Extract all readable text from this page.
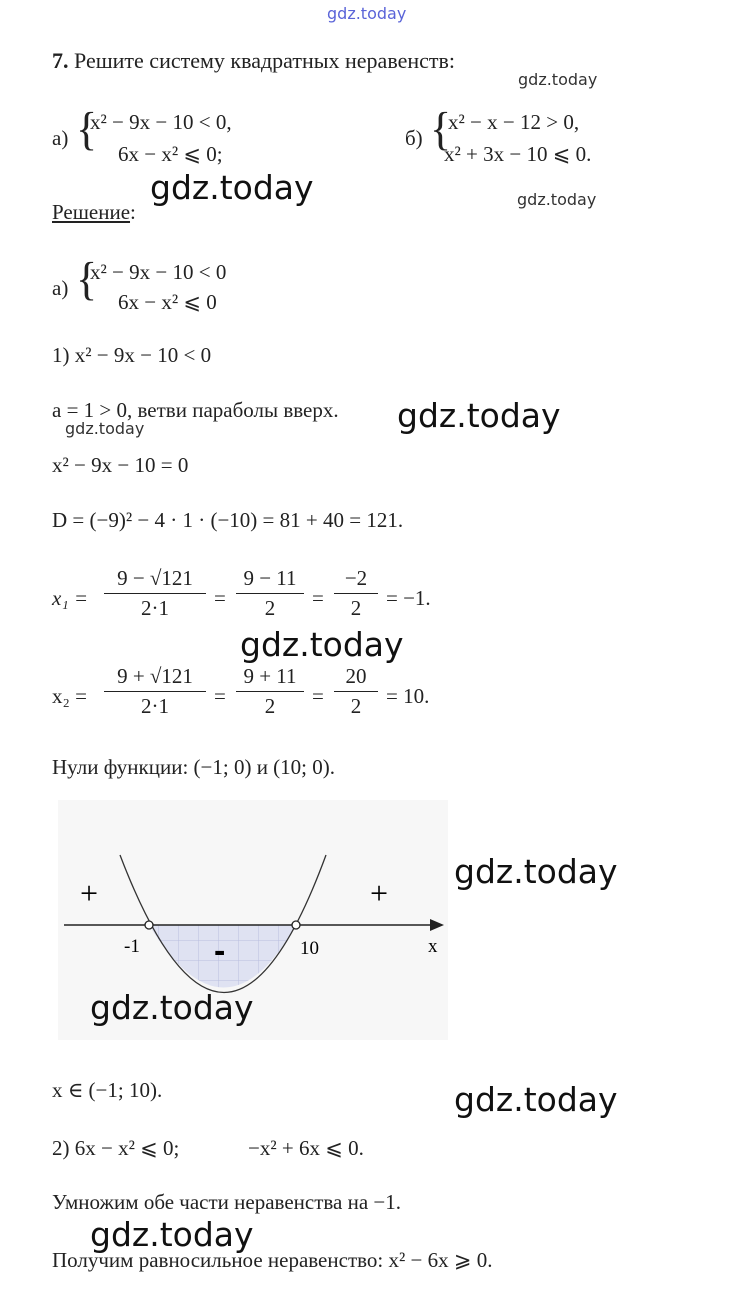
gdz.today
7. Решите систему квадратных неравенств:
gdz.today
а) {
x² − 9x − 10 < 0,
6x − x² ⩽ 0;
б) {
x² − x − 12 > 0,
x² + 3x − 10 ⩽ 0.
gdz.today	gdz.today
Решение:
а) {
x² − 9x − 10 < 0
6x − x² ⩽ 0
1) x² − 9x − 10 < 0
a = 1 > 0, ветви параболы вверх.
gdz.today	gdz.today
x² − 9x − 10 = 0
D = (−9)² − 4 · 1 · (−10) = 81 + 40 = 121.
x₁ =
9 − √121
2·1	=
9 − 11
2	=
−2
2	= −1.
gdz.today
x₂ =
9 + √121
2·1	=
9 + 11
2	=
20
2	= 10.
Нули функции: (−1; 0) и (10; 0).
+	+
-
-1	10	x
gdz.today
gdz.today
x ∈ (−1; 10).	gdz.today
2) 6x − x² ⩽ 0;	−x² + 6x ⩽ 0.
Умножим обе части неравенства на −1.
gdz.today
Получим равносильное неравенство: x² − 6x ⩾ 0.
